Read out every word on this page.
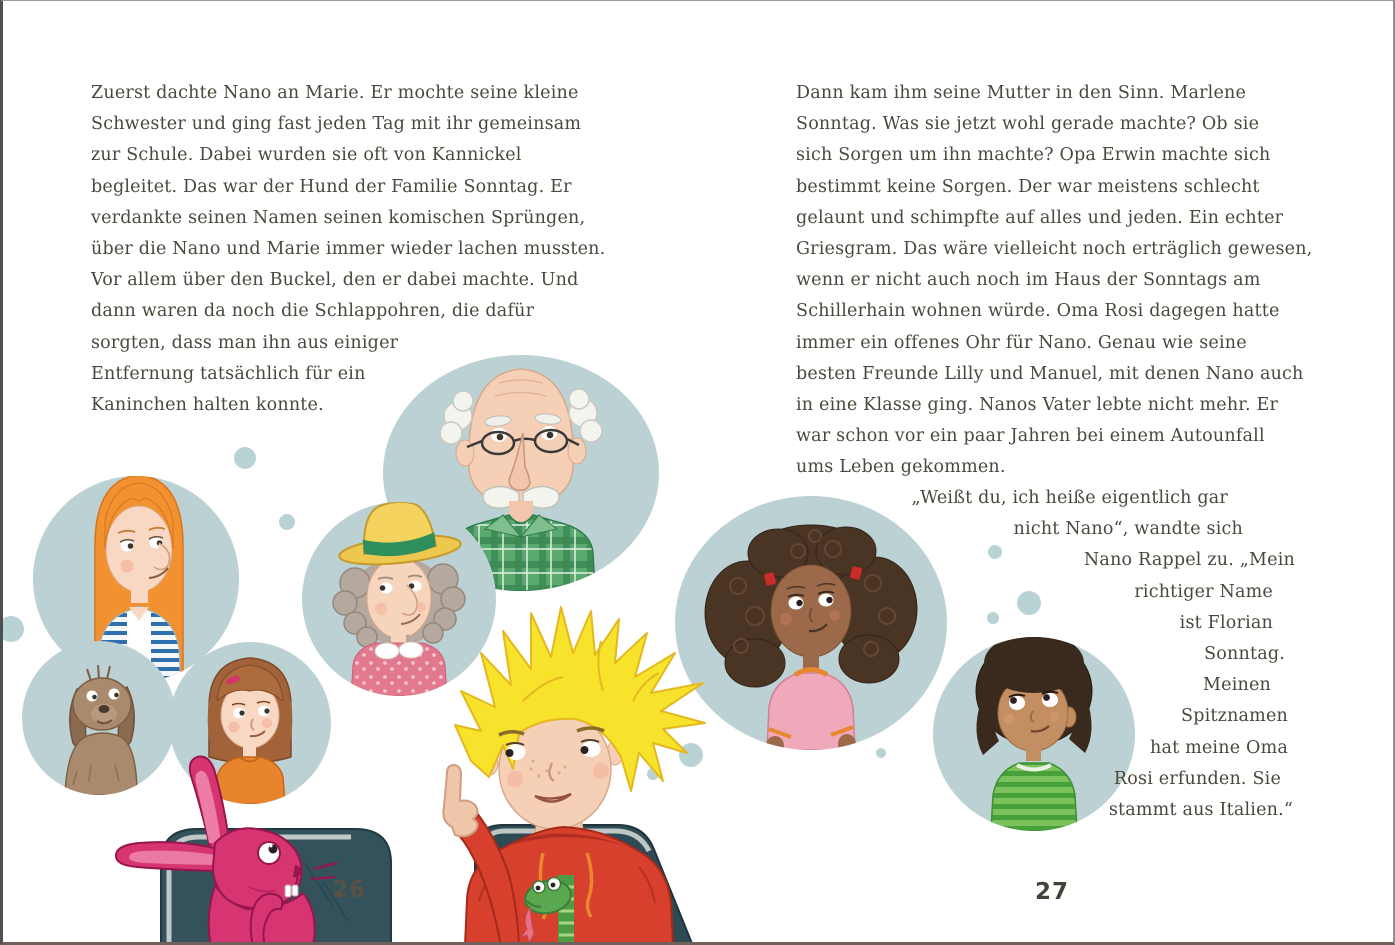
Zuerst dachte Nano an Marie. Er mochte seine kleine
Schwester und ging fast jeden Tag mit ihr gemeinsam
zur Schule. Dabei wurden sie oft von Kannickel
begleitet. Das war der Hund der Familie Sonntag. Er
verdankte seinen Namen seinen komischen Sprüngen,
über die Nano und Marie immer wieder lachen mussten.
Vor allem über den Buckel, den er dabei machte. Und
dann waren da noch die Schlappohren, die dafür
sorgten, dass man ihn aus einiger
Entfernung tatsächlich für ein
Kaninchen halten konnte.
Dann kam ihm seine Mutter in den Sinn. Marlene
Sonntag. Was sie jetzt wohl gerade machte? Ob sie
sich Sorgen um ihn machte? Opa Erwin machte sich
bestimmt keine Sorgen. Der war meistens schlecht
gelaunt und schimpfte auf alles und jeden. Ein echter
Griesgram. Das wäre vielleicht noch erträglich gewesen,
wenn er nicht auch noch im Haus der Sonntags am
Schillerhain wohnen würde. Oma Rosi dagegen hatte
immer ein offenes Ohr für Nano. Genau wie seine
besten Freunde Lilly und Manuel, mit denen Nano auch
in eine Klasse ging. Nanos Vater lebte nicht mehr. Er
war schon vor ein paar Jahren bei einem Autounfall
ums Leben gekommen.
„Weißt du, ich heiße eigentlich gar
nicht Nano“, wandte sich
Nano Rappel zu. „Mein
richtiger Name
ist Florian
Sonntag.
Meinen
Spitznamen
hat meine Oma
Rosi erfunden. Sie
stammt aus Italien.“
26	27
